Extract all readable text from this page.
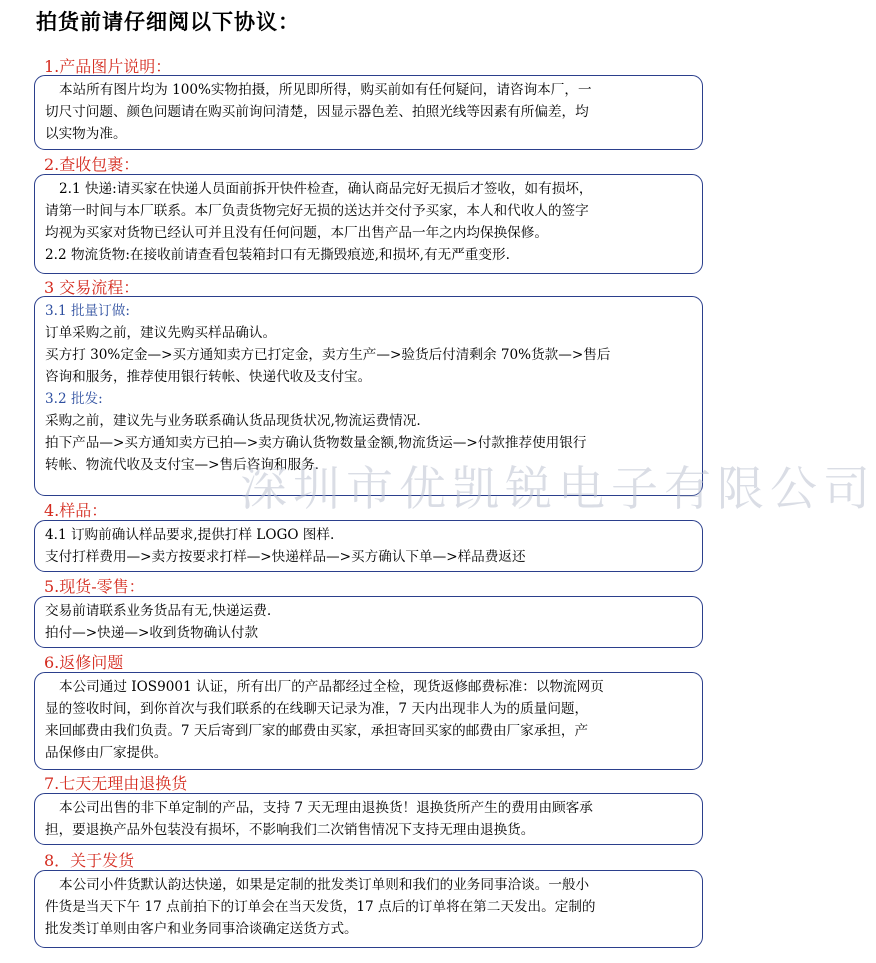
拍货前请仔细阅以下协议：
1.产品图片说明：

本站所有图片均为 100%实物拍摄，所见即所得，购买前如有任何疑问，请咨询本厂，一

切尺寸问题、颜色问题请在购买前询问清楚，因显示器色差、拍照光线等因素有所偏差，均

以实物为准。

2.查收包裹：

2.1 快递:请买家在快递人员面前拆开快件检查，确认商品完好无损后才签收，如有损坏，

请第一时间与本厂联系。本厂负责货物完好无损的送达并交付予买家，本人和代收人的签字

均视为买家对货物已经认可并且没有任何问题，本厂出售产品一年之内均保换保修。

2.2 物流货物:在接收前请查看包装箱封口有无撕毁痕迹,和损坏,有无严重变形.

3 交易流程：

3.1 批量订做:

订单采购之前，建议先购买样品确认。

买方打 30%定金—>买方通知卖方已打定金，卖方生产—>验货后付清剩余 70%货款—>售后

咨询和服务，推荐使用银行转帐、快递代收及支付宝。

3.2 批发:

采购之前，建议先与业务联系确认货品现货状况,物流运费情况.

拍下产品—>买方通知卖方已拍—>卖方确认货物数量金额,物流货运—>付款推荐使用银行

转帐、物流代收及支付宝—>售后咨询和服务.

深圳市优凯锐电子有限公司
4.样品：

4.1 订购前确认样品要求,提供打样 LOGO 图样.

支付打样费用—>卖方按要求打样—>快递样品—>买方确认下单—>样品费返还

5.现货-零售：

交易前请联系业务货品有无,快递运费.

拍付—>快递—>收到货物确认付款

6.返修问题

本公司通过 IOS9001 认证，所有出厂的产品都经过全检，现货返修邮费标准：以物流网页

显的签收时间，到你首次与我们联系的在线聊天记录为准，7 天内出现非人为的质量问题，

来回邮费由我们负责。7 天后寄到厂家的邮费由买家，承担寄回买家的邮费由厂家承担，产

品保修由厂家提供。

7.七天无理由退换货

本公司出售的非下单定制的产品，支持 7 天无理由退换货！退换货所产生的费用由顾客承

担，要退换产品外包装没有损坏，不影响我们二次销售情况下支持无理由退换货。

8．关于发货

本公司小件货默认韵达快递，如果是定制的批发类订单则和我们的业务同事洽谈。一般小

件货是当天下午 17 点前拍下的订单会在当天发货，17 点后的订单将在第二天发出。定制的

批发类订单则由客户和业务同事洽谈确定送货方式。
